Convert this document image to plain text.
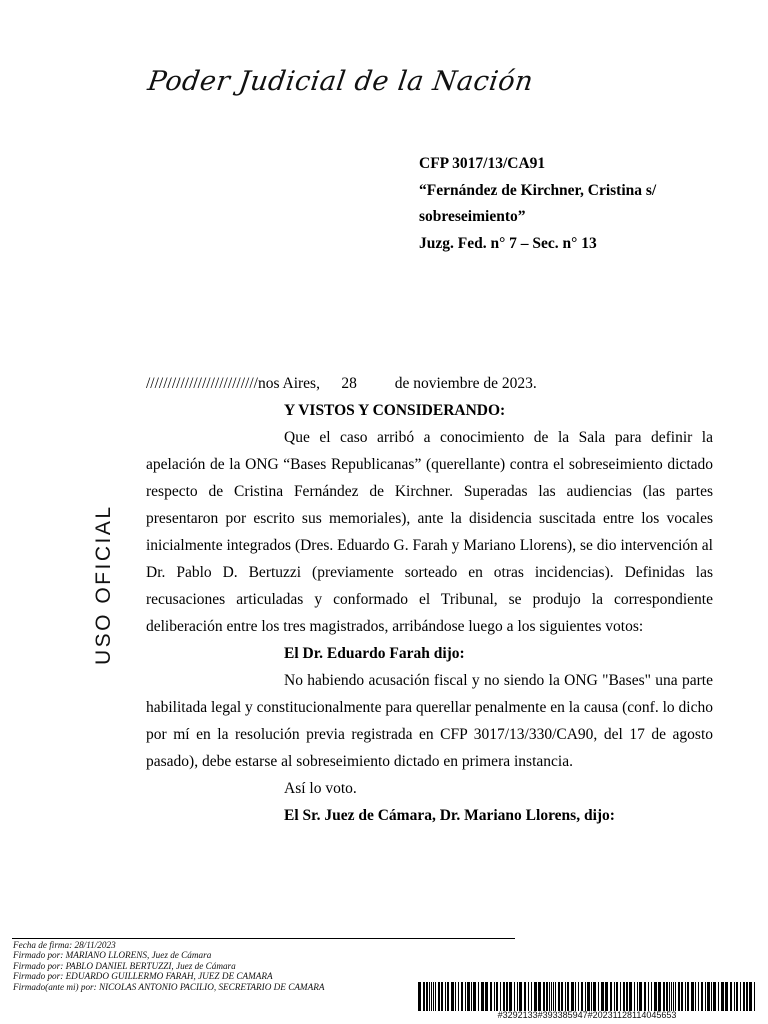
Poder Judicial de la Nación
CFP 3017/13/CA91
“Fernández de Kirchner, Cristina s/
sobreseimiento”
Juzg. Fed. n° 7 – Sec. n° 13
USO OFICIAL
//////////////////////////nos Aires, 28 de noviembre de 2023.
Y VISTOS Y CONSIDERANDO:

Que el caso arribó a conocimiento de la Sala para definir la apelación de la ONG “Bases Republicanas” (querellante) contra el sobreseimiento dictado respecto de Cristina Fernández de Kirchner. Superadas las audiencias (las partes presentaron por escrito sus memoriales), ante la disidencia suscitada entre los vocales inicialmente integrados (Dres. Eduardo G. Farah y Mariano Llorens), se dio intervención al Dr. Pablo D. Bertuzzi (previamente sorteado en otras incidencias). Definidas las recusaciones articuladas y conformado el Tribunal, se produjo la correspondiente deliberación entre los tres magistrados, arribándose luego a los siguientes votos:

El Dr. Eduardo Farah dijo:

No habiendo acusación fiscal y no siendo la ONG "Bases" una parte habilitada legal y constitucionalmente para querellar penalmente en la causa (conf. lo dicho por mí en la resolución previa registrada en CFP 3017/13/330/CA90, del 17 de agosto pasado), debe estarse al sobreseimiento dictado en primera instancia.

Así lo voto.
El Sr. Juez de Cámara, Dr. Mariano Llorens, dijo:
Fecha de firma: 28/11/2023
Firmado por: MARIANO LLORENS, Juez de Cámara
Firmado por: PABLO DANIEL BERTUZZI, Juez de Cámara
Firmado por: EDUARDO GUILLERMO FARAH, JUEZ DE CAMARA
Firmado(ante mi) por: NICOLAS ANTONIO PACILIO, SECRETARIO DE CAMARA
#3292133#393385947#20231128114045653
